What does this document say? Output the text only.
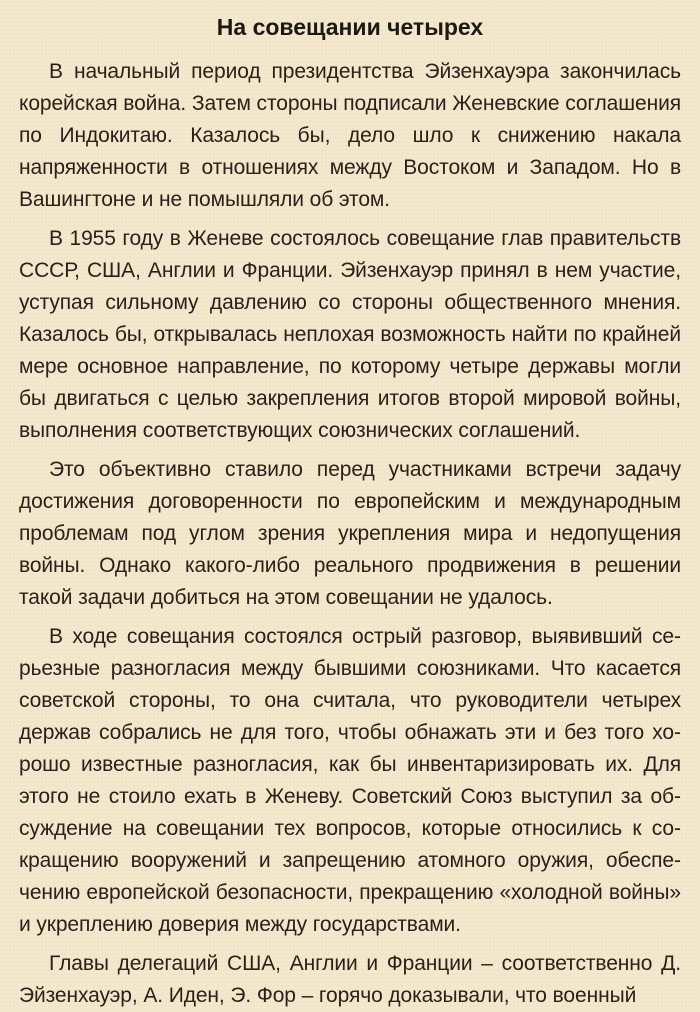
На совещании четырех

В начальный период президентства Эйзенхауэра закончилась корейская война. Затем стороны подписали Женевские соглашения по Индокитаю. Казалось бы, дело шло к снижению накала напряженности в отношениях между Востоком и Западом. Но в Вашингтоне и не помышляли об этом.

В 1955 году в Женеве состоялось совещание глав правительств СССР, США, Англии и Франции. Эйзенхауэр принял в нем участие, уступая сильному давлению со стороны общественного мнения. Казалось бы, открывалась неплохая возможность найти по крайней мере основное направление, по которому четыре державы могли бы двигаться с целью закрепления итогов второй мировой войны, выполнения соответствующих союзнических соглашений.

Это объективно ставило перед участниками встречи задачу достижения договоренности по европейским и международным проблемам под углом зрения укрепления мира и недопущения войны. Однако какого-либо реального продвижения в решении такой задачи добиться на этом совещании не удалось.

В ходе совещания состоялся острый разговор, выявивший серьезные разногласия между бывшими союзниками. Что касается советской стороны, то она считала, что руководители четырех держав собрались не для того, чтобы обнажать эти и без того хорошо известные разногласия, как бы инвентаризировать их. Для этого не стоило ехать в Женеву. Советский Союз выступил за обсуждение на совещании тех вопросов, которые относились к сокращению вооружений и запрещению атомного оружия, обеспечению европейской безопасности, прекращению «холодной войны» и укреплению доверия между государствами.

Главы делегаций США, Англии и Франции – соответственно Д. Эйзенхауэр, А. Иден, Э. Фор – горячо доказывали, что военный
